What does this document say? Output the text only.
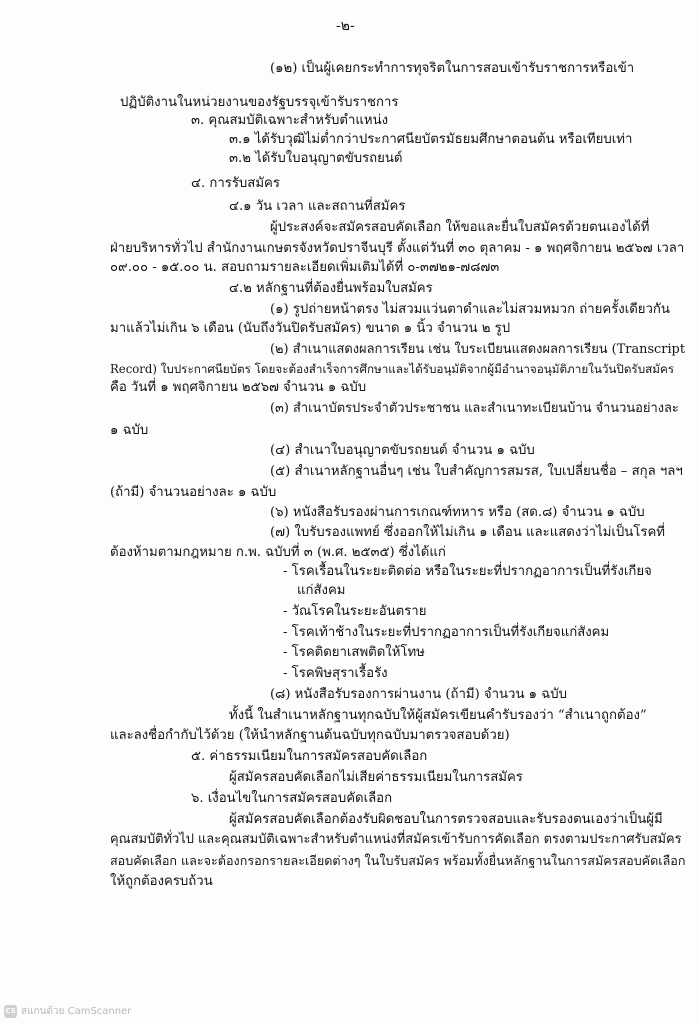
-๒-
(๑๒) เป็นผู้เคยกระทำการทุจริตในการสอบเข้ารับราชการหรือเข้า
ปฏิบัติงานในหน่วยงานของรัฐบรรจุเข้ารับราชการ
๓. คุณสมบัติเฉพาะสำหรับตำแหน่ง
๓.๑ ได้รับวุฒิไม่ต่ำกว่าประกาศนียบัตรมัธยมศึกษาตอนต้น หรือเทียบเท่า
๓.๒ ได้รับใบอนุญาตขับรถยนต์
๔. การรับสมัคร
๔.๑ วัน เวลา และสถานที่สมัคร
ผู้ประสงค์จะสมัครสอบคัดเลือก ให้ขอและยื่นใบสมัครด้วยตนเองได้ที่
ฝ่ายบริหารทั่วไป สำนักงานเกษตรจังหวัดปราจีนบุรี ตั้งแต่วันที่ ๓๐ ตุลาคม - ๑ พฤศจิกายน ๒๕๖๗ เวลา
๐๙.๐๐ - ๑๕.๐๐ น. สอบถามรายละเอียดเพิ่มเติมได้ที่ ๐-๓๗๒๑-๗๘๗๓
๔.๒ หลักฐานที่ต้องยื่นพร้อมใบสมัคร
(๑) รูปถ่ายหน้าตรง ไม่สวมแว่นตาดำและไม่สวมหมวก ถ่ายครั้งเดียวกัน
มาแล้วไม่เกิน ๖ เดือน (นับถึงวันปิดรับสมัคร) ขนาด ๑ นิ้ว จำนวน ๒ รูป
(๒) สำเนาแสดงผลการเรียน เช่น ใบระเบียนแสดงผลการเรียน (Transcript
Record) ใบประกาศนียบัตร โดยจะต้องสำเร็จการศึกษาและได้รับอนุมัติจากผู้มีอำนาจอนุมัติภายในวันปิดรับสมัคร
คือ วันที่ ๑ พฤศจิกายน ๒๕๖๗ จำนวน ๑ ฉบับ
(๓) สำเนาบัตรประจำตัวประชาชน และสำเนาทะเบียนบ้าน จำนวนอย่างละ
๑ ฉบับ
(๔) สำเนาใบอนุญาตขับรถยนต์ จำนวน ๑ ฉบับ
(๕) สำเนาหลักฐานอื่นๆ เช่น ใบสำคัญการสมรส, ใบเปลี่ยนชื่อ – สกุล ฯลฯ
(ถ้ามี) จำนวนอย่างละ ๑ ฉบับ
(๖) หนังสือรับรองผ่านการเกณฑ์ทหาร หรือ (สด.๘) จำนวน ๑ ฉบับ
(๗) ใบรับรองแพทย์ ซึ่งออกให้ไม่เกิน ๑ เดือน และแสดงว่าไม่เป็นโรคที่
ต้องห้ามตามกฎหมาย ก.พ. ฉบับที่ ๓ (พ.ศ. ๒๕๓๕) ซึ่งได้แก่
- โรคเรื้อนในระยะติดต่อ หรือในระยะที่ปรากฏอาการเป็นที่รังเกียจ
แก่สังคม
- วัณโรคในระยะอันตราย
- โรคเท้าช้างในระยะที่ปรากฏอาการเป็นที่รังเกียจแก่สังคม
- โรคติดยาเสพติดให้โทษ
- โรคพิษสุราเรื้อรัง
(๘) หนังสือรับรองการผ่านงาน (ถ้ามี) จำนวน ๑ ฉบับ
ทั้งนี้ ในสำเนาหลักฐานทุกฉบับให้ผู้สมัครเขียนคำรับรองว่า “สำเนาถูกต้อง”
และลงชื่อกำกับไว้ด้วย (ให้นำหลักฐานต้นฉบับทุกฉบับมาตรวจสอบด้วย)
๕. ค่าธรรมเนียมในการสมัครสอบคัดเลือก
ผู้สมัครสอบคัดเลือกไม่เสียค่าธรรมเนียมในการสมัคร
๖. เงื่อนไขในการสมัครสอบคัดเลือก
ผู้สมัครสอบคัดเลือกต้องรับผิดชอบในการตรวจสอบและรับรองตนเองว่าเป็นผู้มี
คุณสมบัติทั่วไป และคุณสมบัติเฉพาะสำหรับตำแหน่งที่สมัครเข้ารับการคัดเลือก ตรงตามประกาศรับสมัคร
สอบคัดเลือก และจะต้องกรอกรายละเอียดต่างๆ ในใบรับสมัคร พร้อมทั้งยื่นหลักฐานในการสมัครสอบคัดเลือก
ให้ถูกต้องครบถ้วน
CS สแกนด้วย CamScanner
